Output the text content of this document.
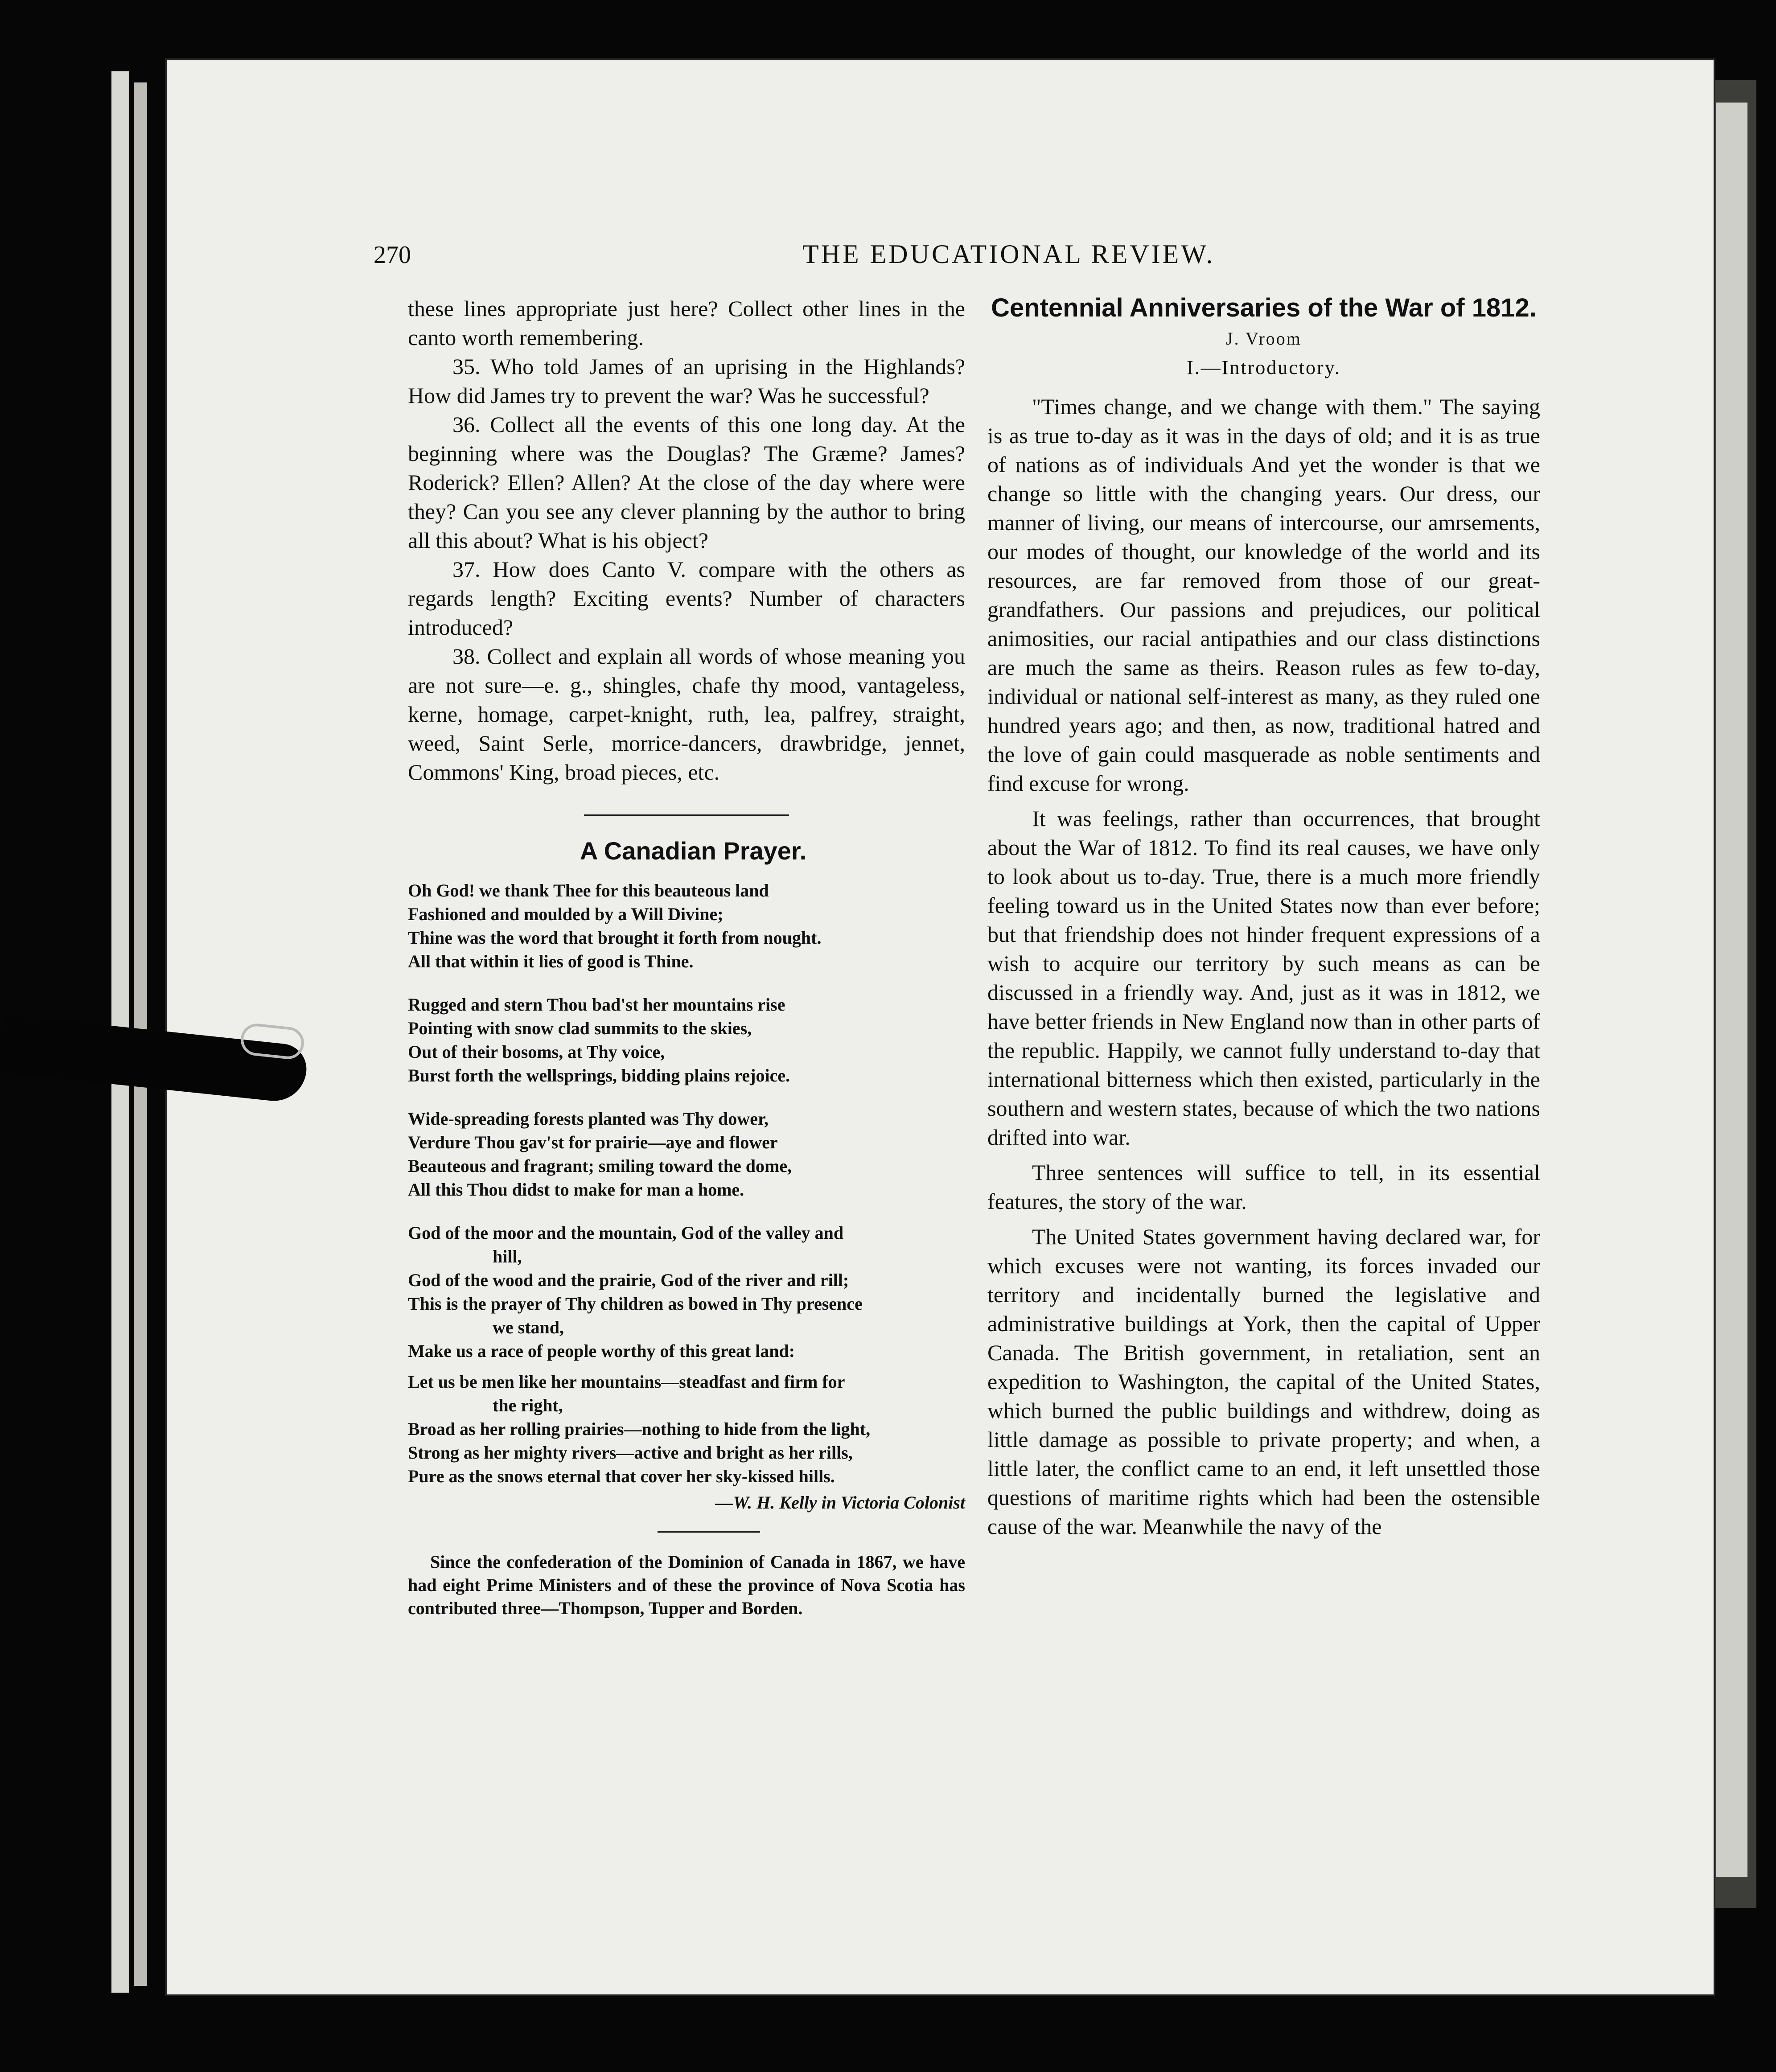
270	THE EDUCATIONAL REVIEW.

these lines appropriate just here? Collect other lines in the canto worth remembering.

35. Who told James of an uprising in the Highlands? How did James try to prevent the war? Was he successful?

36. Collect all the events of this one long day. At the beginning where was the Douglas? The Græme? James? Roderick? Ellen? Allen? At the close of the day where were they? Can you see any clever planning by the author to bring all this about? What is his object?

37. How does Canto V. compare with the others as regards length? Exciting events? Number of characters introduced?

38. Collect and explain all words of whose meaning you are not sure—e. g., shingles, chafe thy mood, vantageless, kerne, homage, carpet-knight, ruth, lea, palfrey, straight, weed, Saint Serle, morrice-dancers, drawbridge, jennet, Commons' King, broad pieces, etc.

A Canadian Prayer.

Oh God! we thank Thee for this beauteous land

Fashioned and moulded by a Will Divine;

Thine was the word that brought it forth from nought.

All that within it lies of good is Thine.

Rugged and stern Thou bad'st her mountains rise

Pointing with snow clad summits to the skies,

Out of their bosoms, at Thy voice,

Burst forth the wellsprings, bidding plains rejoice.

Wide-spreading forests planted was Thy dower,

Verdure Thou gav'st for prairie—aye and flower

Beauteous and fragrant; smiling toward the dome,

All this Thou didst to make for man a home.

God of the moor and the mountain, God of the valley and

hill,

God of the wood and the prairie, God of the river and rill;

This is the prayer of Thy children as bowed in Thy presence

we stand,

Make us a race of people worthy of this great land:

Let us be men like her mountains—steadfast and firm for

the right,

Broad as her rolling prairies—nothing to hide from the light,

Strong as her mighty rivers—active and bright as her rills,

Pure as the snows eternal that cover her sky-kissed hills.

—W. H. Kelly in Victoria Colonist

Since the confederation of the Dominion of Canada in 1867, we have had eight Prime Ministers and of these the province of Nova Scotia has contributed three—Thompson, Tupper and Borden.

Centennial Anniversaries of the War of 1812.
J. Vroom
I.—Introductory.

"Times change, and we change with them." The saying is as true to-day as it was in the days of old; and it is as true of nations as of individuals And yet the wonder is that we change so little with the changing years. Our dress, our manner of living, our means of intercourse, our amrsements, our modes of thought, our knowledge of the world and its resources, are far removed from those of our great-grandfathers. Our passions and prejudices, our political animosities, our racial antipathies and our class distinctions are much the same as theirs. Reason rules as few to-day, individual or national self-interest as many, as they ruled one hundred years ago; and then, as now, traditional hatred and the love of gain could masquerade as noble sentiments and find excuse for wrong.

It was feelings, rather than occurrences, that brought about the War of 1812. To find its real causes, we have only to look about us to-day. True, there is a much more friendly feeling toward us in the United States now than ever before; but that friendship does not hinder frequent expressions of a wish to acquire our territory by such means as can be discussed in a friendly way. And, just as it was in 1812, we have better friends in New England now than in other parts of the republic. Happily, we cannot fully understand to-day that international bitterness which then existed, particularly in the southern and western states, because of which the two nations drifted into war.

Three sentences will suffice to tell, in its essential features, the story of the war.

The United States government having declared war, for which excuses were not wanting, its forces invaded our territory and incidentally burned the legislative and administrative buildings at York, then the capital of Upper Canada. The British government, in retaliation, sent an expedition to Washington, the capital of the United States, which burned the public buildings and withdrew, doing as little damage as possible to private property; and when, a little later, the conflict came to an end, it left unsettled those questions of maritime rights which had been the ostensible cause of the war. Meanwhile the navy of the
